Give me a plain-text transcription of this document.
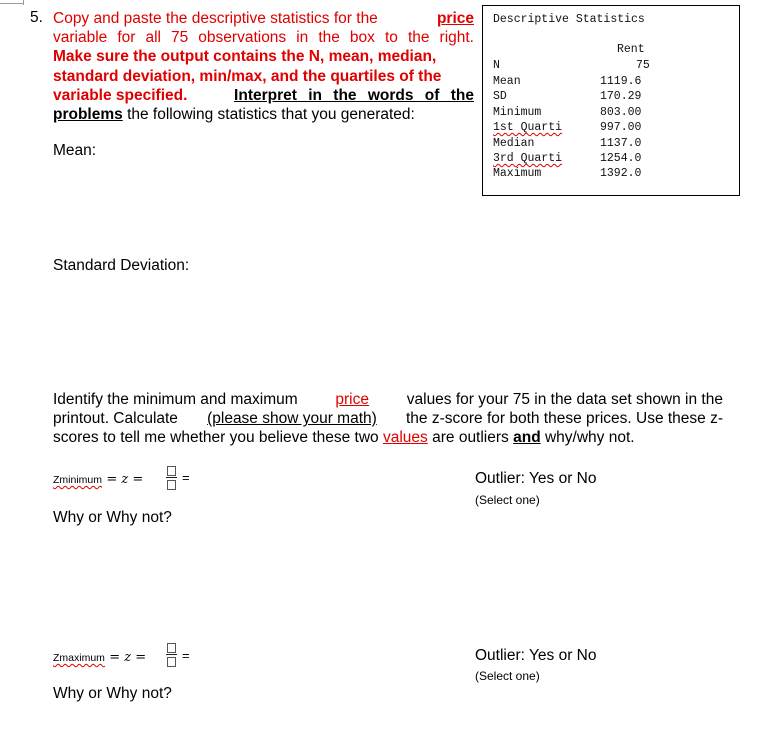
5. Copy and paste the descriptive statistics for the	price
variable for all 75 observations in the box to the right.
Make sure the output contains the N, mean, median,
standard deviation, min/max, and the quartiles of the
variable specified.	Interpret in the words of the
problems the following statistics that you generated:
Descriptive Statistics
Rent
N	75
Mean	1119.6
SD	170.29
Minimum	803.00
1st Quarti	997.00
Median	1137.0
3rd Quarti	1254.0
Maximum	1392.0
Mean:
Standard Deviation:
Identify the minimum and maximum price values for your 75 in the data set shown in the
printout. Calculate (please show your math) the z-score for both these prices. Use these z-
scores to tell me whether you believe these two values are outliers and why/why not.
Zminimum = z =	=	Outlier: Yes or No
(Select one)
Why or Why not?
Zmaximum = z =	=	Outlier: Yes or No
(Select one)
Why or Why not?
